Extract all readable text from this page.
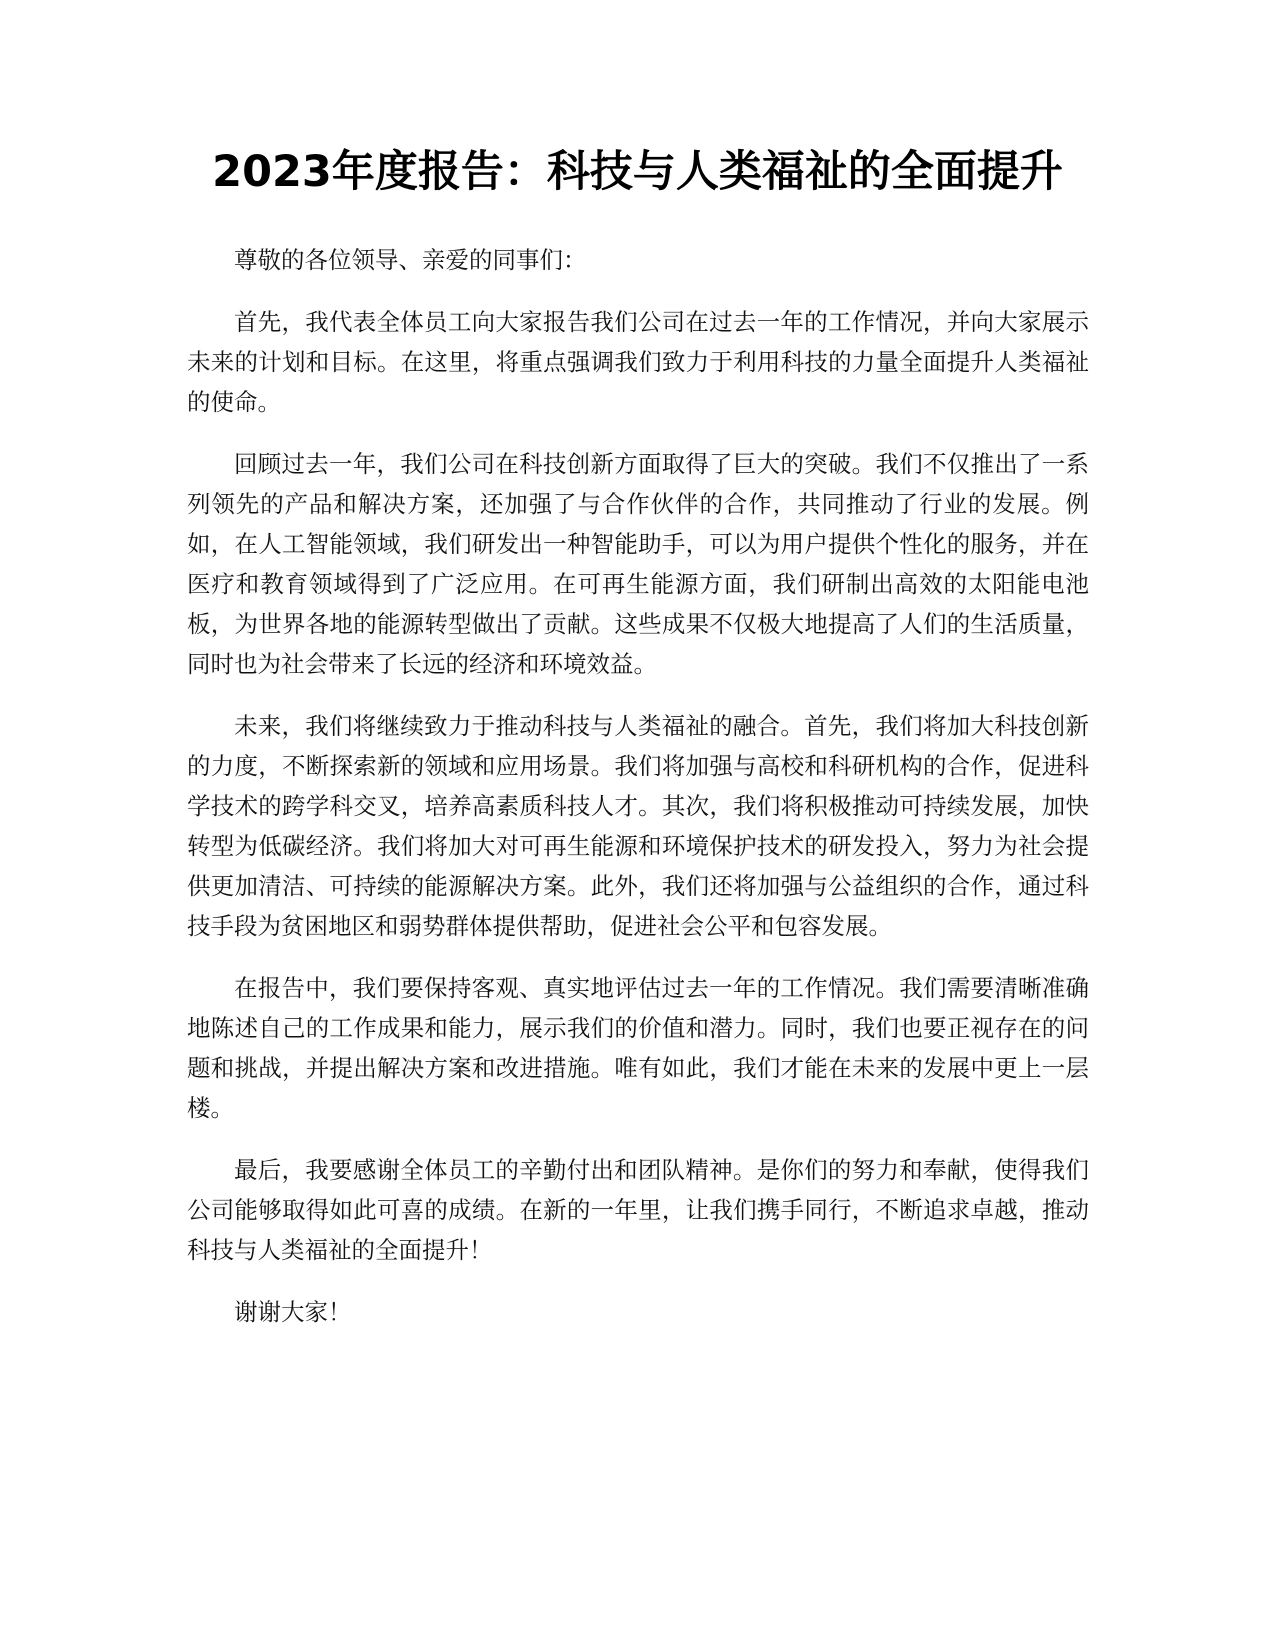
2023年度报告：科技与人类福祉的全面提升

尊敬的各位领导、亲爱的同事们：

首先，我代表全体员工向大家报告我们公司在过去一年的工作情况，并向大家展示未来的计划和目标。在这里，将重点强调我们致力于利用科技的力量全面提升人类福祉的使命。

回顾过去一年，我们公司在科技创新方面取得了巨大的突破。我们不仅推出了一系列领先的产品和解决方案，还加强了与合作伙伴的合作，共同推动了行业的发展。例如，在人工智能领域，我们研发出一种智能助手，可以为用户提供个性化的服务，并在医疗和教育领域得到了广泛应用。在可再生能源方面，我们研制出高效的太阳能电池板，为世界各地的能源转型做出了贡献。这些成果不仅极大地提高了人们的生活质量，同时也为社会带来了长远的经济和环境效益。

未来，我们将继续致力于推动科技与人类福祉的融合。首先，我们将加大科技创新的力度，不断探索新的领域和应用场景。我们将加强与高校和科研机构的合作，促进科学技术的跨学科交叉，培养高素质科技人才。其次，我们将积极推动可持续发展，加快转型为低碳经济。我们将加大对可再生能源和环境保护技术的研发投入，努力为社会提供更加清洁、可持续的能源解决方案。此外，我们还将加强与公益组织的合作，通过科技手段为贫困地区和弱势群体提供帮助，促进社会公平和包容发展。

在报告中，我们要保持客观、真实地评估过去一年的工作情况。我们需要清晰准确地陈述自己的工作成果和能力，展示我们的价值和潜力。同时，我们也要正视存在的问题和挑战，并提出解决方案和改进措施。唯有如此，我们才能在未来的发展中更上一层楼。

最后，我要感谢全体员工的辛勤付出和团队精神。是你们的努力和奉献，使得我们公司能够取得如此可喜的成绩。在新的一年里，让我们携手同行，不断追求卓越，推动科技与人类福祉的全面提升！

谢谢大家！
